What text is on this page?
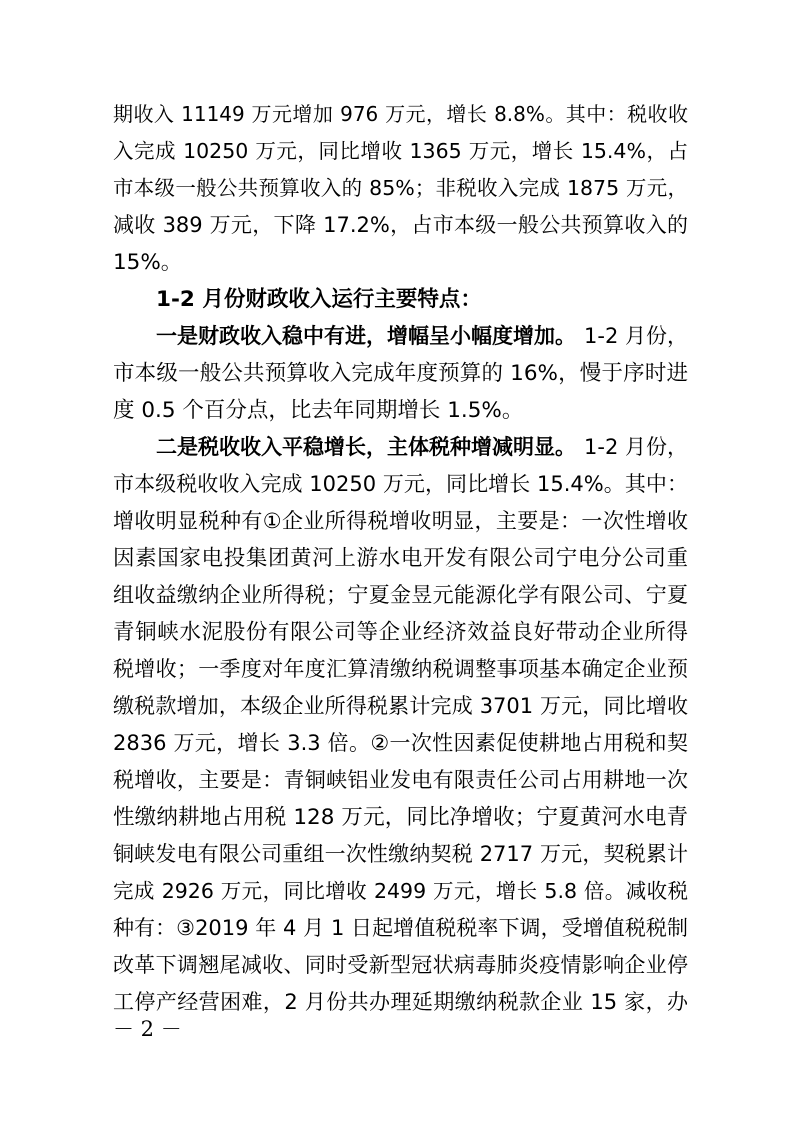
期收入 11149 万元增加 976 万元，增长 8.8%。其中：税收收
入完成 10250 万元，同比增收 1365 万元，增长 15.4%，占
市本级一般公共预算收入的 85%；非税收入完成 1875 万元，
减收 389 万元，下降 17.2%，占市本级一般公共预算收入的
15%。
1-2 月份财政收入运行主要特点：
一是财政收入稳中有进，增幅呈小幅度增加。 1-2 月份，
市本级一般公共预算收入完成年度预算的 16%，慢于序时进
度 0.5 个百分点，比去年同期增长 1.5%。
二是税收收入平稳增长，主体税种增减明显。 1-2 月份，
市本级税收收入完成 10250 万元，同比增长 15.4%。其中：
增收明显税种有①企业所得税增收明显，主要是：一次性增收
因素国家电投集团黄河上游水电开发有限公司宁电分公司重
组收益缴纳企业所得税；宁夏金昱元能源化学有限公司、宁夏
青铜峡水泥股份有限公司等企业经济效益良好带动企业所得
税增收；一季度对年度汇算清缴纳税调整事项基本确定企业预
缴税款增加，本级企业所得税累计完成 3701 万元，同比增收
2836 万元，增长 3.3 倍。②一次性因素促使耕地占用税和契
税增收，主要是：青铜峡铝业发电有限责任公司占用耕地一次
性缴纳耕地占用税 128 万元，同比净增收；宁夏黄河水电青
铜峡发电有限公司重组一次性缴纳契税 2717 万元，契税累计
完成 2926 万元，同比增收 2499 万元，增长 5.8 倍。减收税
种有：③2019 年 4 月 1 日起增值税税率下调，受增值税税制
改革下调翘尾减收、同时受新型冠状病毒肺炎疫情影响企业停
工停产经营困难，2 月份共办理延期缴纳税款企业 15 家，办
－ 2 －
